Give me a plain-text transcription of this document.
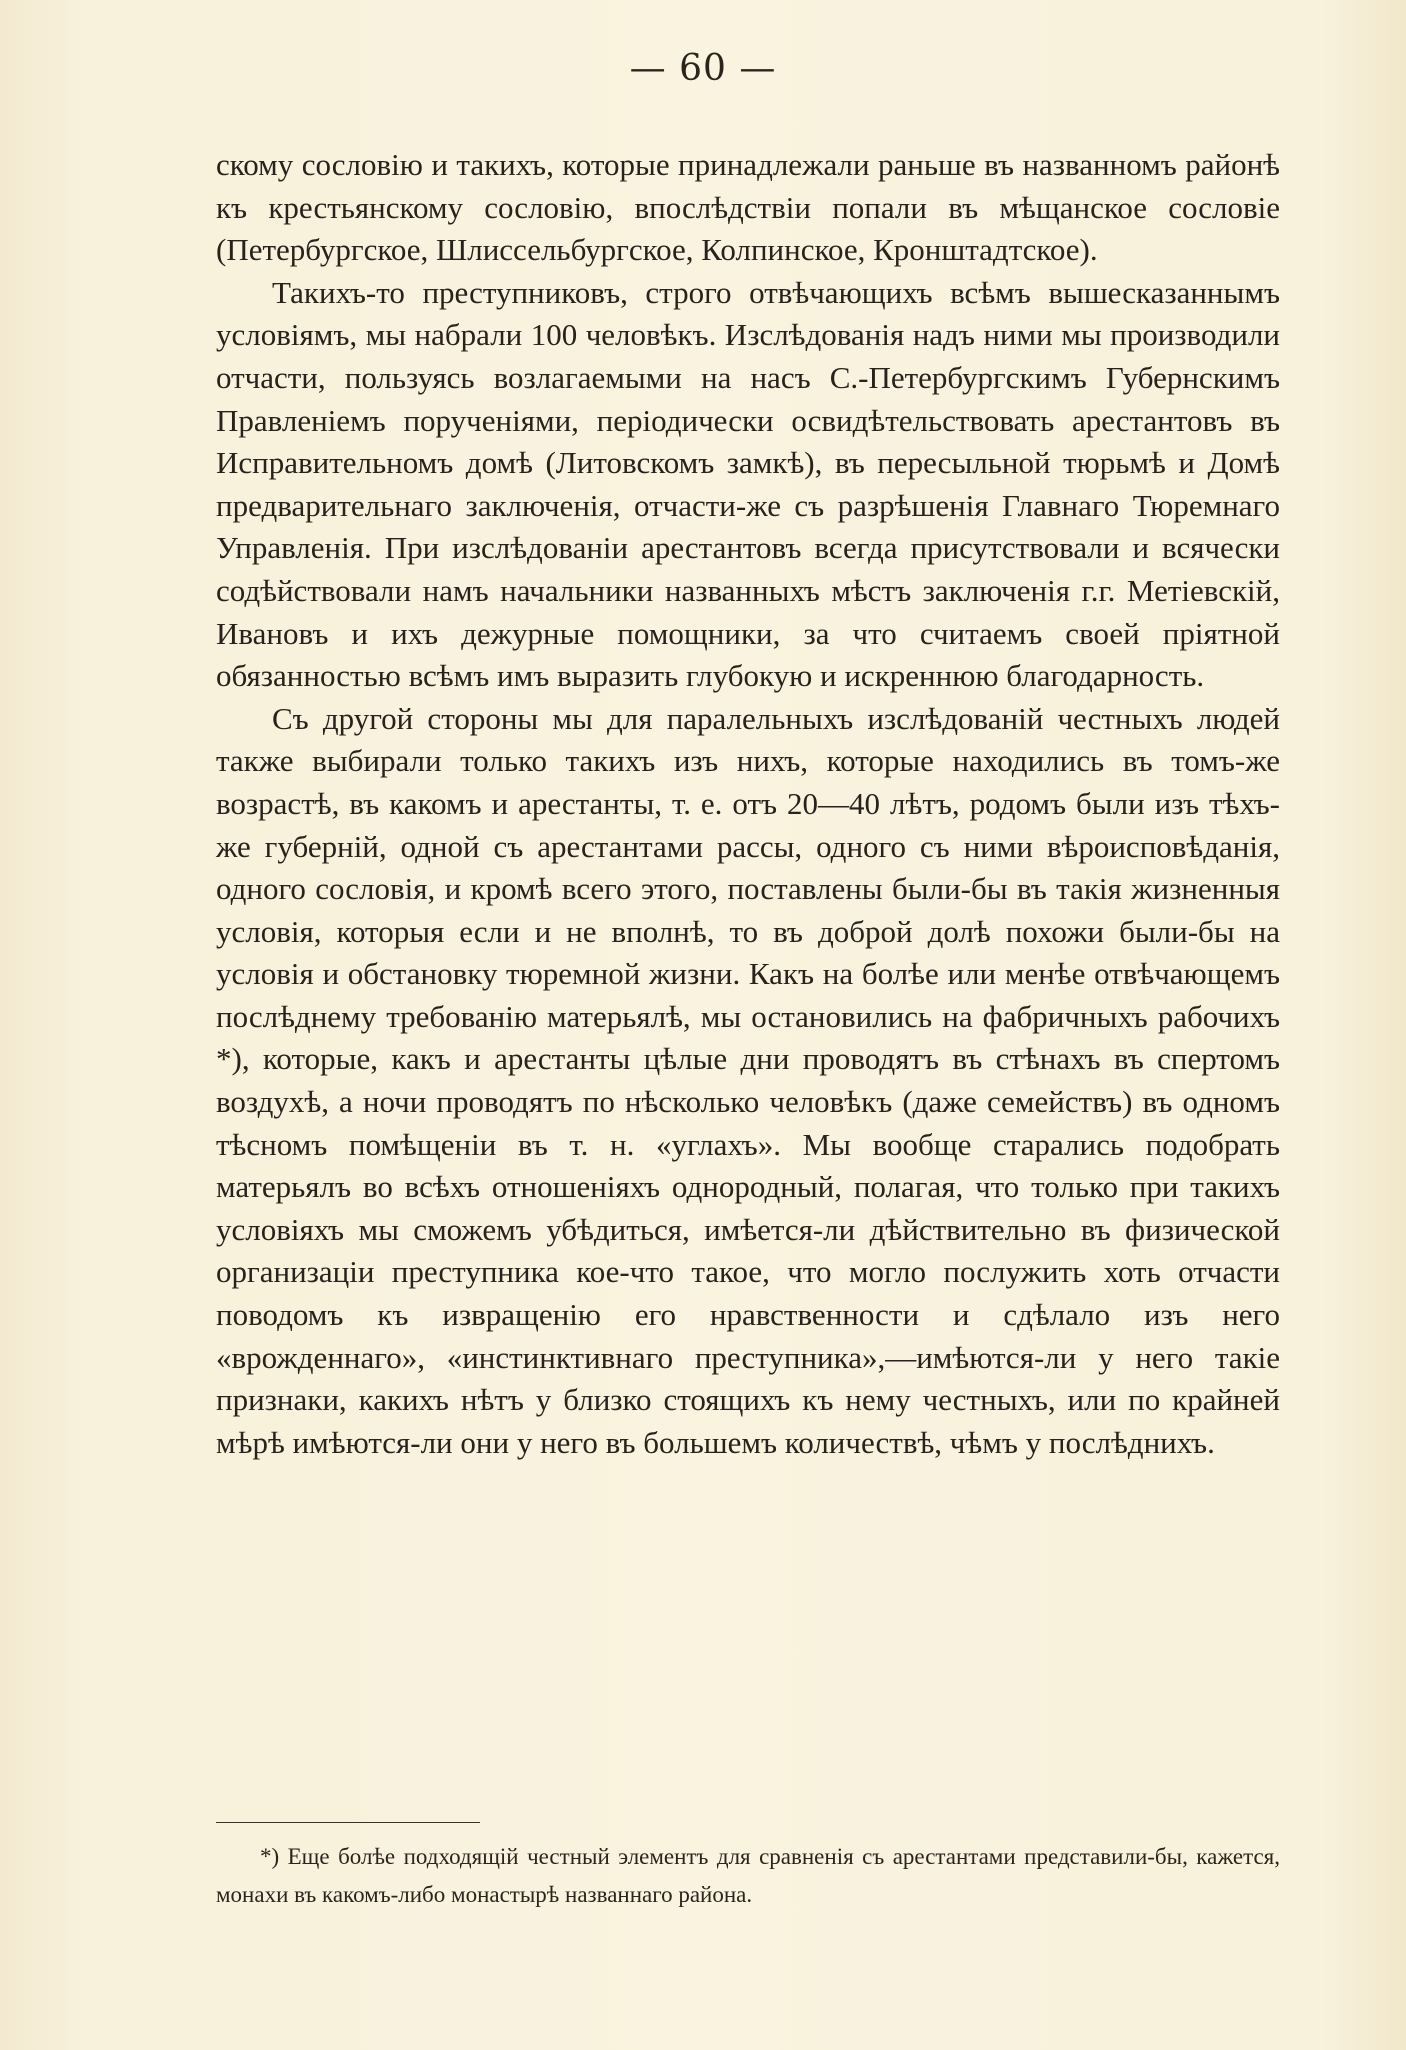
— 60 —

скому сословію и такихъ, которые принадлежали раньше въ названномъ районѣ къ крестьянскому сословію, впослѣдствіи попали въ мѣщанское сословіе (Петербургское, Шлиссельбургское, Колпинское, Кронштадтское).

Такихъ-то преступниковъ, строго отвѣчающихъ всѣмъ вышесказаннымъ условіямъ, мы набрали 100 человѣкъ. Изслѣдованія надъ ними мы производили отчасти, пользуясь возлагаемыми на насъ С.-Петербургскимъ Губернскимъ Правленіемъ порученіями, періодически освидѣтельствовать арестантовъ въ Исправительномъ домѣ (Литовскомъ замкѣ), въ пересыльной тюрьмѣ и Домѣ предварительнаго заключенія, отчасти-же съ разрѣшенія Главнаго Тюремнаго Управленія. При изслѣдованіи арестантовъ всегда присутствовали и всячески содѣйствовали намъ начальники названныхъ мѣстъ заключенія г.г. Метіевскій, Ивановъ и ихъ дежурные помощники, за что считаемъ своей пріятной обязанностью всѣмъ имъ выразить глубокую и искреннюю благодарность.

Съ другой стороны мы для паралельныхъ изслѣдованій честныхъ людей также выбирали только такихъ изъ нихъ, которые находились въ томъ-же возрастѣ, въ какомъ и арестанты, т. е. отъ 20—40 лѣтъ, родомъ были изъ тѣхъ-же губерній, одной съ арестантами рассы, одного съ ними вѣроисповѣданія, одного сословія, и кромѣ всего этого, поставлены были-бы въ такія жизненныя условія, которыя если и не вполнѣ, то въ доброй долѣ похожи были-бы на условія и обстановку тюремной жизни. Какъ на болѣе или менѣе отвѣчающемъ послѣднему требованію матерьялѣ, мы остановились на фабричныхъ рабочихъ *), которые, какъ и арестанты цѣлые дни проводятъ въ стѣнахъ въ спертомъ воздухѣ, а ночи проводятъ по нѣсколько человѣкъ (даже семействъ) въ одномъ тѣсномъ помѣщеніи въ т. н. «углахъ». Мы вообще старались подобрать матерьялъ во всѣхъ отношеніяхъ однородный, полагая, что только при такихъ условіяхъ мы сможемъ убѣдиться, имѣется-ли дѣйствительно въ физической организаціи преступника кое-что такое, что могло послужить хоть отчасти поводомъ къ извращенію его нравственности и сдѣлало изъ него «врожденнаго», «инстинктивнаго преступника»,—имѣются-ли у него такіе признаки, какихъ нѣтъ у близко стоящихъ къ нему честныхъ, или по крайней мѣрѣ имѣются-ли они у него въ большемъ количествѣ, чѣмъ у послѣднихъ.

*) Еще болѣе подходящій честный элементъ для сравненія съ арестантами представили-бы, кажется, монахи въ какомъ-либо монастырѣ названнаго района.
